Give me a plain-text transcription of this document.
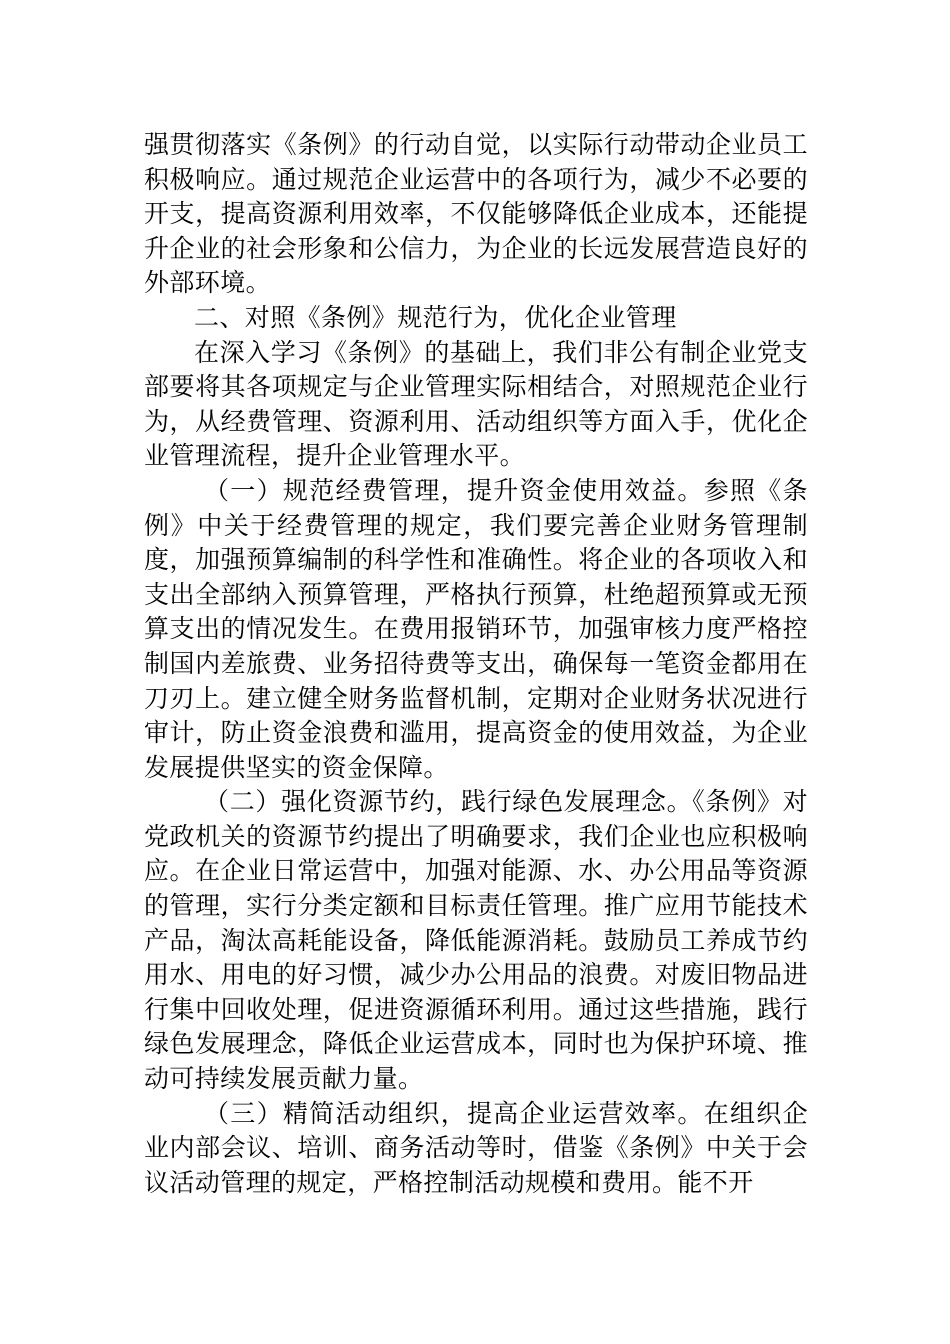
强贯彻落实《条例》的行动自觉，以实际行动带动企业员工积极响应。通过规范企业运营中的各项行为，减少不必要的开支，提高资源利用效率，不仅能够降低企业成本，还能提升企业的社会形象和公信力，为企业的长远发展营造良好的外部环境。

二、对照《条例》规范行为，优化企业管理

在深入学习《条例》的基础上，我们非公有制企业党支部要将其各项规定与企业管理实际相结合，对照规范企业行为，从经费管理、资源利用、活动组织等方面入手，优化企业管理流程，提升企业管理水平。

（一）规范经费管理，提升资金使用效益。参照《条例》中关于经费管理的规定，我们要完善企业财务管理制度，加强预算编制的科学性和准确性。将企业的各项收入和支出全部纳入预算管理，严格执行预算，杜绝超预算或无预算支出的情况发生。在费用报销环节，加强审核力度严格控制国内差旅费、业务招待费等支出，确保每一笔资金都用在刀刃上。建立健全财务监督机制，定期对企业财务状况进行审计，防止资金浪费和滥用，提高资金的使用效益，为企业发展提供坚实的资金保障。

（二）强化资源节约，践行绿色发展理念。《条例》对党政机关的资源节约提出了明确要求，我们企业也应积极响应。在企业日常运营中，加强对能源、水、办公用品等资源的管理，实行分类定额和目标责任管理。推广应用节能技术产品，淘汰高耗能设备，降低能源消耗。鼓励员工养成节约用水、用电的好习惯，减少办公用品的浪费。对废旧物品进行集中回收处理，促进资源循环利用。通过这些措施，践行绿色发展理念，降低企业运营成本，同时也为保护环境、推动可持续发展贡献力量。

（三）精简活动组织，提高企业运营效率。在组织企业内部会议、培训、商务活动等时，借鉴《条例》中关于会议活动管理的规定，严格控制活动规模和费用。能不开
